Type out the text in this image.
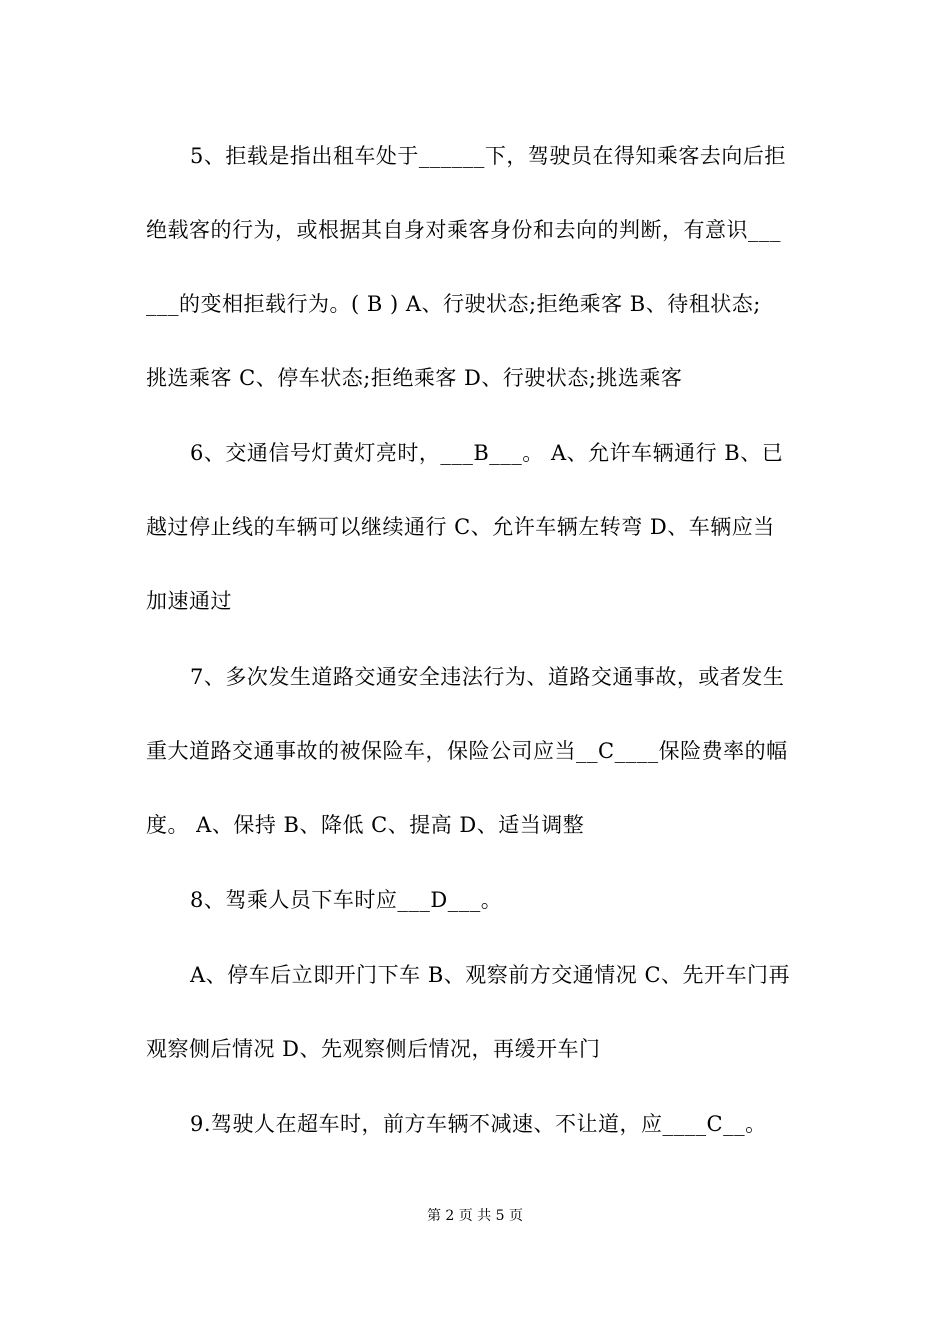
5、拒载是指出租车处于______下，驾驶员在得知乘客去向后拒
绝载客的行为，或根据其自身对乘客身份和去向的判断，有意识___
___的变相拒载行为。( B ) A、行驶状态;拒绝乘客 B、待租状态;
挑选乘客 C、停车状态;拒绝乘客 D、行驶状态;挑选乘客
6、交通信号灯黄灯亮时，___B___。 A、允许车辆通行 B、已
越过停止线的车辆可以继续通行 C、允许车辆左转弯 D、车辆应当
加速通过
7、多次发生道路交通安全违法行为、道路交通事故，或者发生
重大道路交通事故的被保险车，保险公司应当__C____保险费率的幅
度。 A、保持 B、降低 C、提高 D、适当调整
8、驾乘人员下车时应___D___。
A、停车后立即开门下车 B、观察前方交通情况 C、先开车门再
观察侧后情况 D、先观察侧后情况，再缓开车门
9.驾驶人在超车时，前方车辆不减速、不让道，应____C__。
第 2 页 共 5 页
